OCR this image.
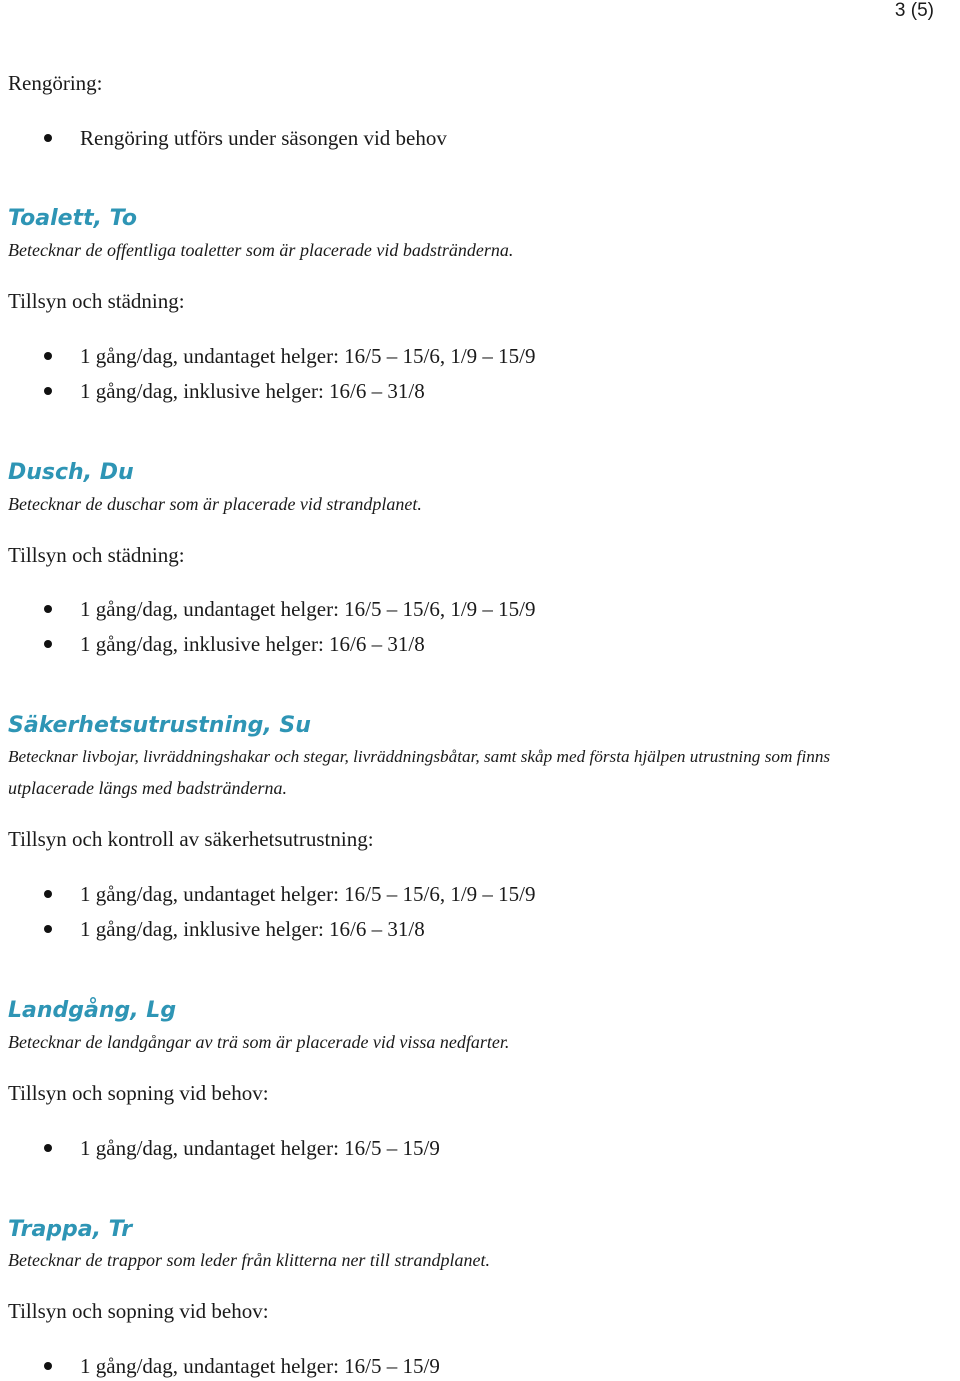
3 (5)
Rengöring:
Rengöring utförs under säsongen vid behov
Toalett, To
Betecknar de offentliga toaletter som är placerade vid badstränderna.
Tillsyn och städning:
1 gång/dag, undantaget helger: 16/5 – 15/6, 1/9 – 15/9
1 gång/dag, inklusive helger: 16/6 – 31/8
Dusch, Du
Betecknar de duschar som är placerade vid strandplanet.
Tillsyn och städning:
1 gång/dag, undantaget helger: 16/5 – 15/6, 1/9 – 15/9
1 gång/dag, inklusive helger: 16/6 – 31/8
Säkerhetsutrustning, Su
Betecknar livbojar, livräddningshakar och stegar, livräddningsbåtar, samt skåp med första hjälpen utrustning som finns
utplacerade längs med badstränderna.
Tillsyn och kontroll av säkerhetsutrustning:
1 gång/dag, undantaget helger: 16/5 – 15/6, 1/9 – 15/9
1 gång/dag, inklusive helger: 16/6 – 31/8
Landgång, Lg
Betecknar de landgångar av trä som är placerade vid vissa nedfarter.
Tillsyn och sopning vid behov:
1 gång/dag, undantaget helger: 16/5 – 15/9
Trappa, Tr
Betecknar de trappor som leder från klitterna ner till strandplanet.
Tillsyn och sopning vid behov:
1 gång/dag, undantaget helger: 16/5 – 15/9
